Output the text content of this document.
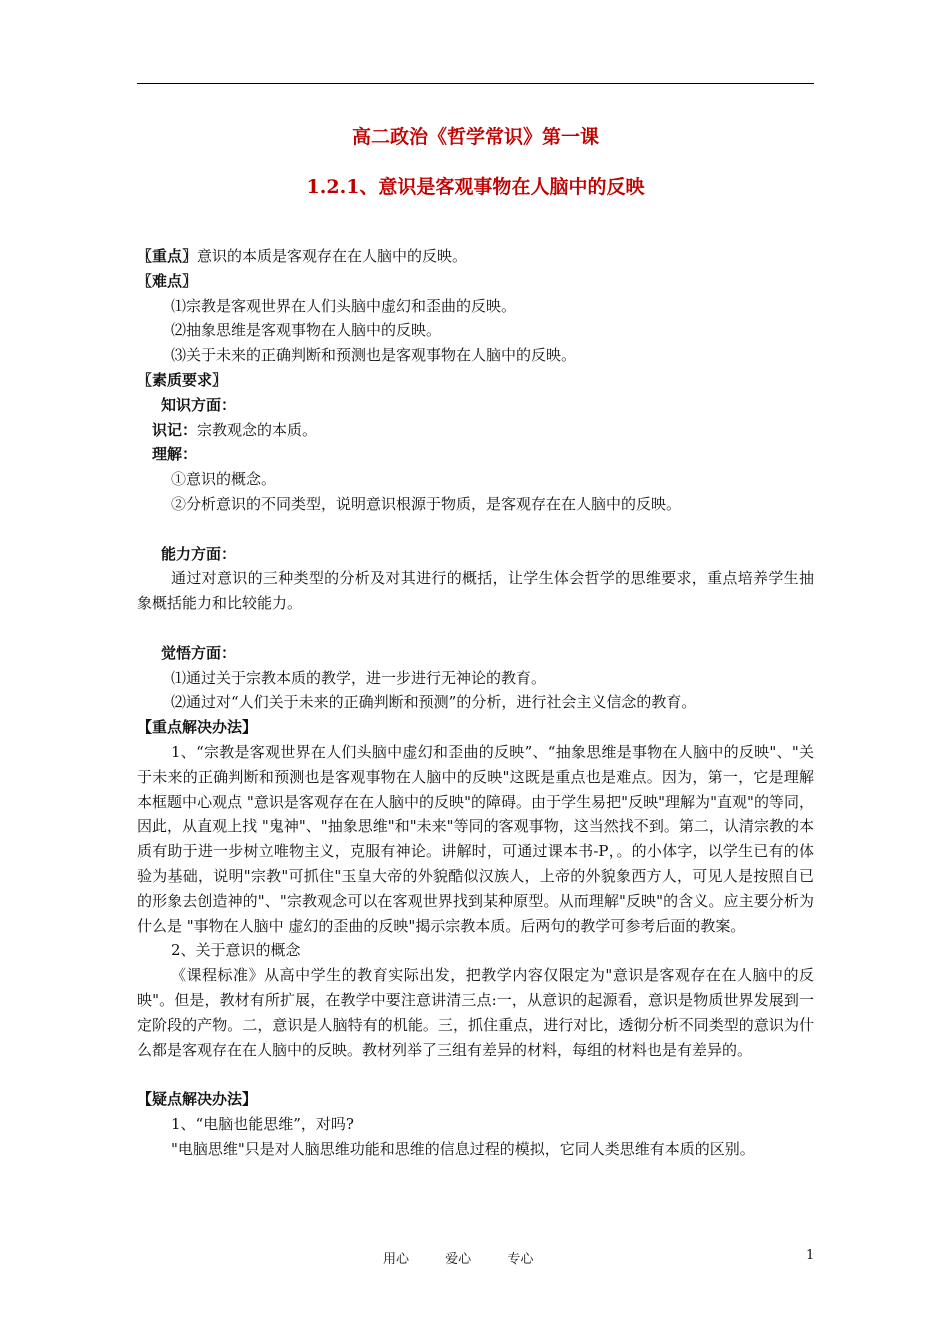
高二政治《哲学常识》第一课
1.2.1、意识是客观事物在人脑中的反映

〖重点〗意识的本质是客观存在在人脑中的反映。

〖难点〗

⑴宗教是客观世界在人们头脑中虚幻和歪曲的反映。

⑵抽象思维是客观事物在人脑中的反映。

⑶关于未来的正确判断和预测也是客观事物在人脑中的反映。

〖素质要求〗

知识方面：

识记：宗教观念的本质。

理解：

①意识的概念。

②分析意识的不同类型，说明意识根源于物质，是客观存在在人脑中的反映。

能力方面：

通过对意识的三种类型的分析及对其进行的概括，让学生体会哲学的思维要求，重点培养学生抽象概括能力和比较能力。

觉悟方面：

⑴通过关于宗教本质的教学，进一步进行无神论的教育。

⑵通过对“人们关于未来的正确判断和预测”的分析，进行社会主义信念的教育。

【重点解决办法】

1、“宗教是客观世界在人们头脑中虚幻和歪曲的反映”、“抽象思维是事物在人脑中的反映"、"关于未来的正确判断和预测也是客观事物在人脑中的反映"这既是重点也是难点。因为，第一，它是理解本框题中心观点 "意识是客观存在在人脑中的反映"的障碍。由于学生易把"反映"理解为"直观"的等同，因此，从直观上找 "鬼神"、"抽象思维"和"未来"等同的客观事物，这当然找不到。第二，认清宗教的本质有助于进一步树立唯物主义，克服有神论。讲解时，可通过课本书-P，。的小体字，以学生已有的体验为基础，说明"宗教"可抓住"玉皇大帝的外貌酷似汉族人，上帝的外貌象西方人，可见人是按照自已的形象去创造神的"、"宗教观念可以在客观世界找到某种原型。从而理解"反映"的含义。应主要分析为什么是 "事物在人脑中 虚幻的歪曲的反映"揭示宗教本质。后两句的教学可参考后面的教案。

2、关于意识的概念

《课程标准》从高中学生的教育实际出发，把教学内容仅限定为"意识是客观存在在人脑中的反映"。但是，教材有所扩展，在教学中要注意讲清三点:一，从意识的起源看，意识是物质世界发展到一定阶段的产物。二，意识是人脑特有的机能。三，抓住重点，进行对比，透彻分析不同类型的意识为什么都是客观存在在人脑中的反映。教材列举了三组有差异的材料，每组的材料也是有差异的。

【疑点解决办法】

1、“电脑也能思维”，对吗?

"电脑思维"只是对人脑思维功能和思维的信息过程的模拟，它同人类思维有本质的区别。

用心	爱心	专心	1
